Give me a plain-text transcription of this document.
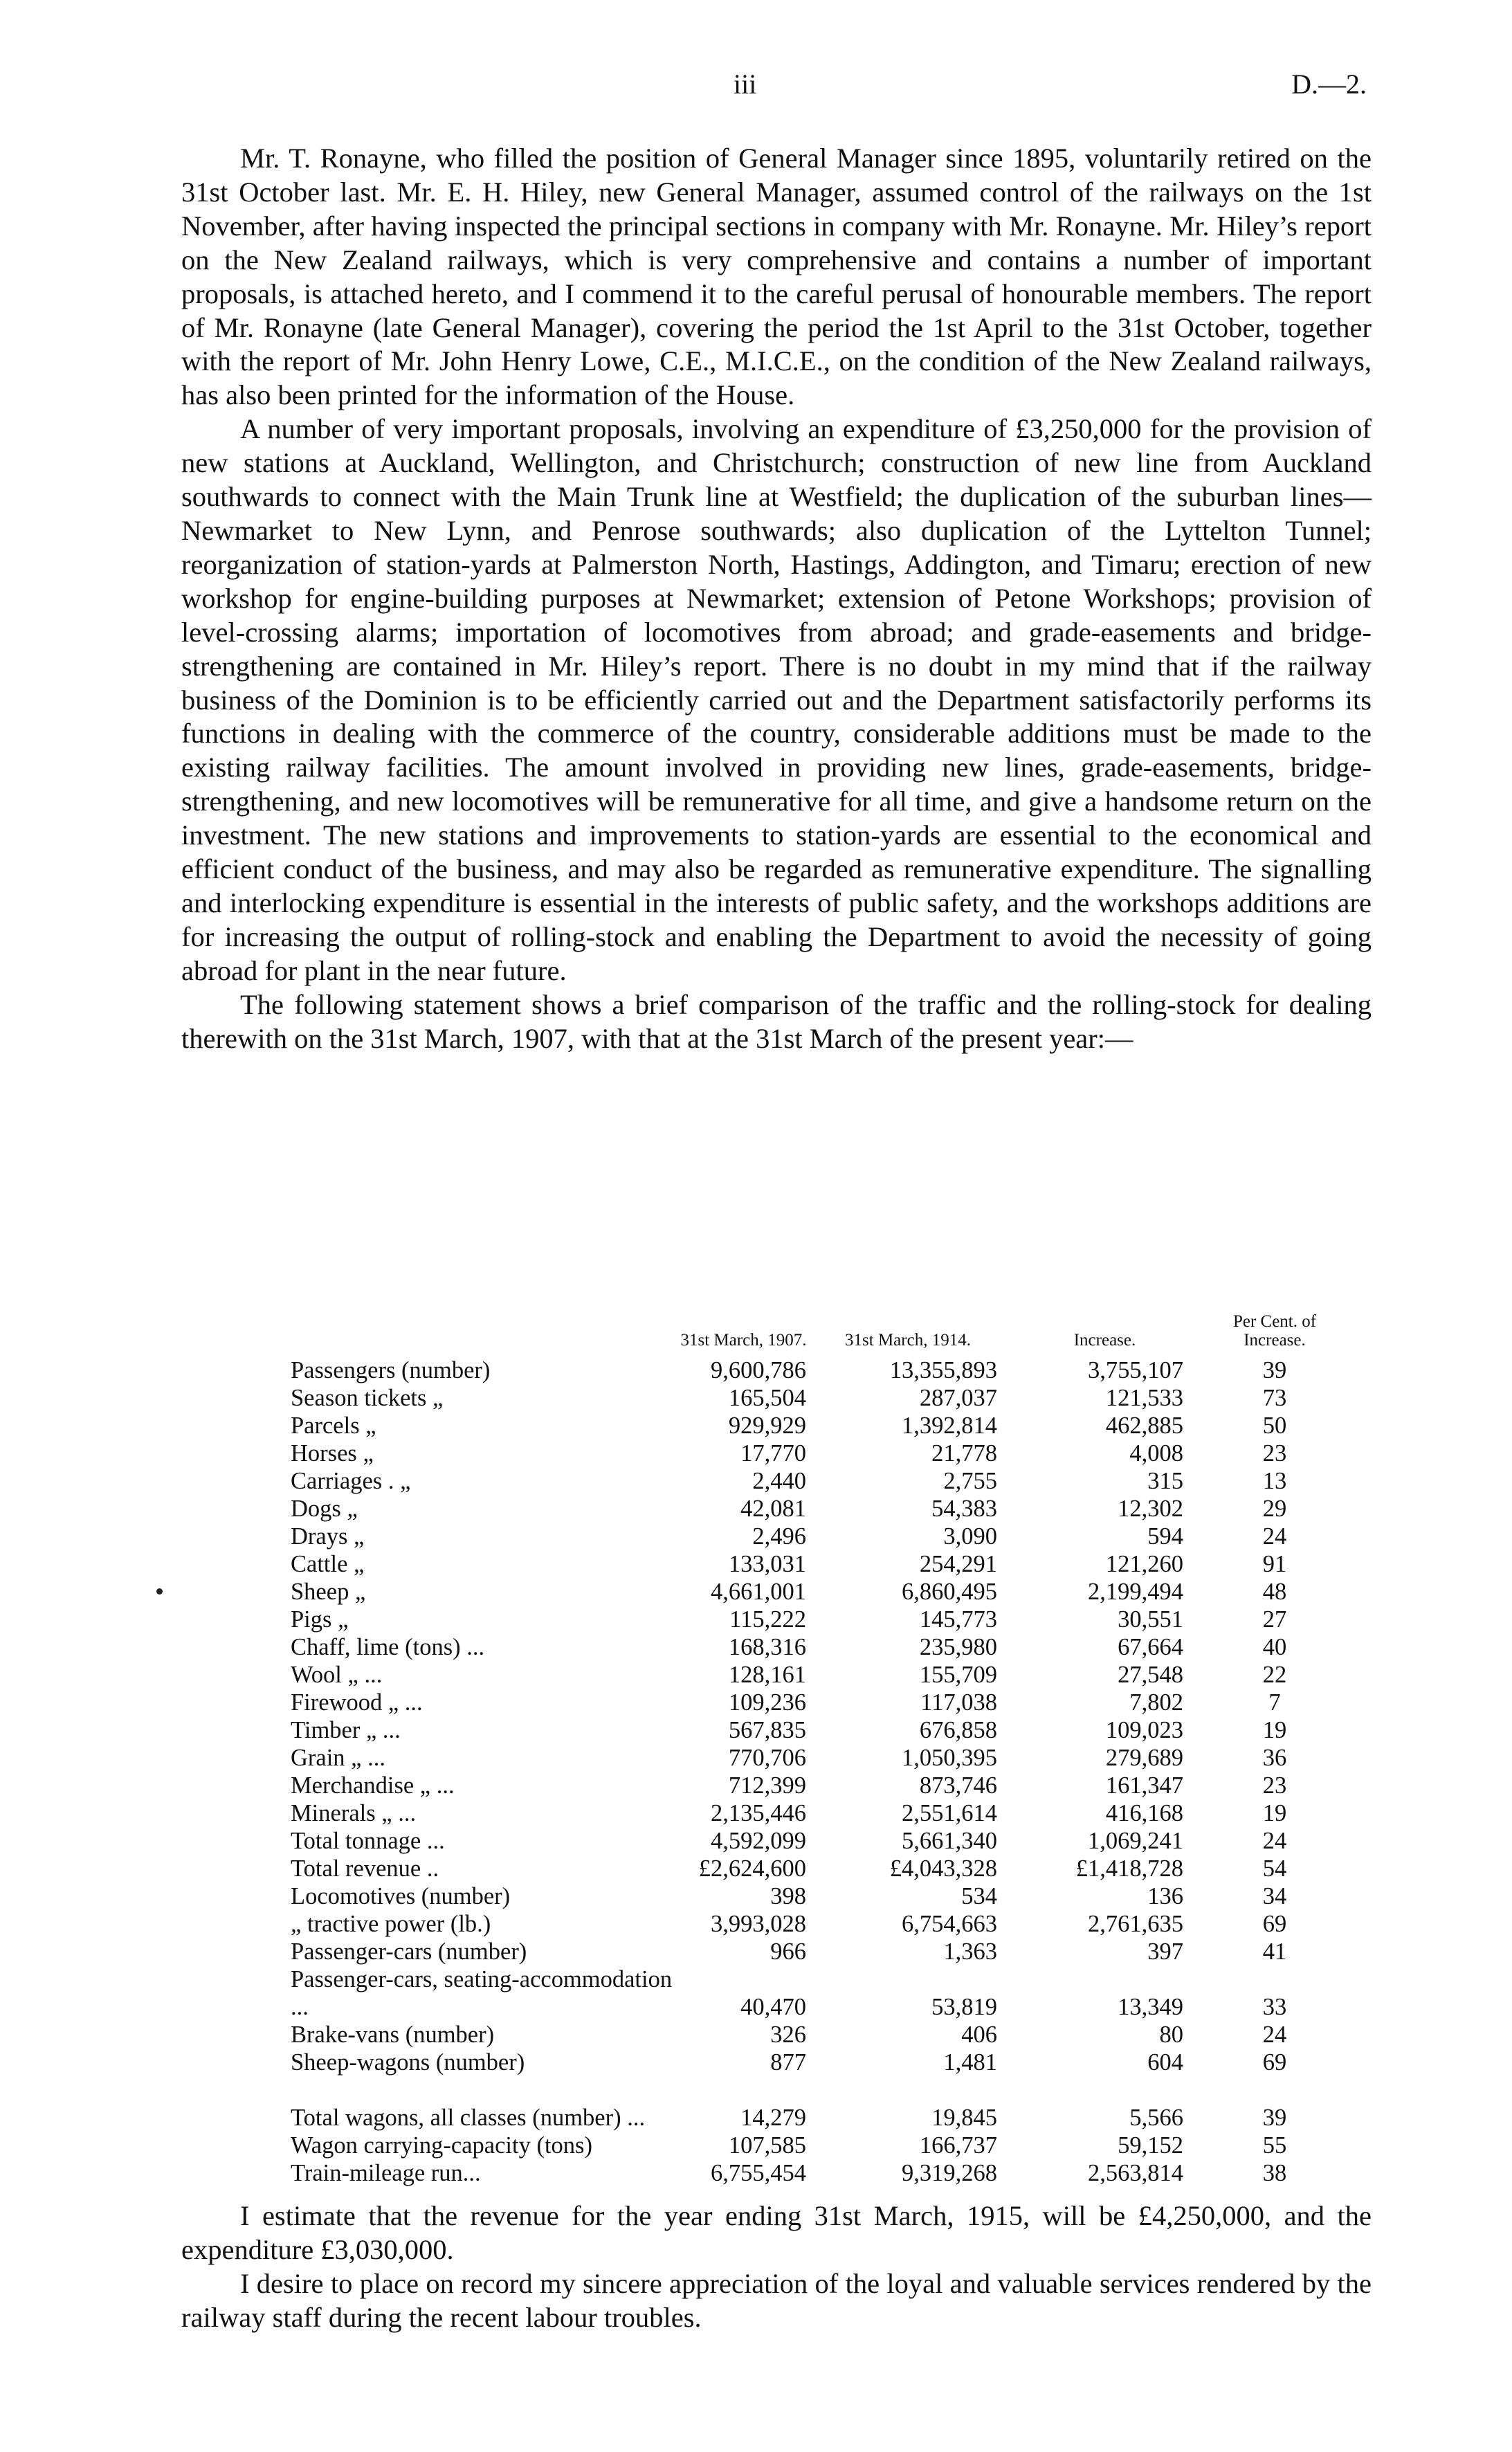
iii	D.—2.

Mr. T. Ronayne, who filled the position of General Manager since 1895, voluntarily retired on the 31st October last. Mr. E. H. Hiley, new General Manager, assumed control of the railways on the 1st November, after having inspected the principal sections in company with Mr. Ronayne. Mr. Hiley’s report on the New Zealand railways, which is very comprehensive and contains a number of important proposals, is attached hereto, and I commend it to the careful perusal of honourable members. The report of Mr. Ronayne (late General Manager), covering the period the 1st April to the 31st October, together with the report of Mr. John Henry Lowe, C.E., M.I.C.E., on the condition of the New Zealand railways, has also been printed for the information of the House.

A number of very important proposals, involving an expenditure of £3,250,000 for the provision of new stations at Auckland, Wellington, and Christchurch; construction of new line from Auckland southwards to connect with the Main Trunk line at Westfield; the duplication of the suburban lines—Newmarket to New Lynn, and Penrose southwards; also duplication of the Lyttelton Tunnel; reorganization of station-yards at Palmerston North, Hastings, Addington, and Timaru; erection of new workshop for engine-building purposes at Newmarket; extension of Petone Workshops; provision of level-crossing alarms; importation of locomotives from abroad; and grade-easements and bridge-strengthening are contained in Mr. Hiley’s report. There is no doubt in my mind that if the railway business of the Dominion is to be efficiently carried out and the Department satisfactorily performs its functions in dealing with the commerce of the country, considerable additions must be made to the existing railway facilities. The amount involved in providing new lines, grade-easements, bridge-strengthening, and new locomotives will be remunerative for all time, and give a handsome return on the investment. The new stations and improvements to station-yards are essential to the economical and efficient conduct of the business, and may also be regarded as remunerative expenditure. The signalling and interlocking expenditure is essential in the interests of public safety, and the workshops additions are for increasing the output of rolling-stock and enabling the Department to avoid the necessity of going abroad for plant in the near future.

The following statement shows a brief comparison of the traffic and the rolling-stock for dealing therewith on the 31st March, 1907, with that at the 31st March of the present year:—

	31st March, 1907.	31st March, 1914.	Increase.	Per Cent. of Increase.
Passengers (number)	9,600,786	13,355,893	3,755,107	39
Season tickets „	165,504	287,037	121,533	73
Parcels „	929,929	1,392,814	462,885	50
Horses „	17,770	21,778	4,008	23
Carriages . „	2,440	2,755	315	13
Dogs „	42,081	54,383	12,302	29
Drays „	2,496	3,090	594	24
Cattle „	133,031	254,291	121,260	91
Sheep „	4,661,001	6,860,495	2,199,494	48
Pigs „	115,222	145,773	30,551	27
Chaff, lime (tons) ...	168,316	235,980	67,664	40
Wool „ ...	128,161	155,709	27,548	22
Firewood „ ...	109,236	117,038	7,802	7
Timber „ ...	567,835	676,858	109,023	19
Grain „ ...	770,706	1,050,395	279,689	36
Merchandise „ ...	712,399	873,746	161,347	23
Minerals „ ...	2,135,446	2,551,614	416,168	19
Total tonnage ...	4,592,099	5,661,340	1,069,241	24
Total revenue ..	£2,624,600	£4,043,328	£1,418,728	54
Locomotives (number)	398	534	136	34
„ tractive power (lb.)	3,993,028	6,754,663	2,761,635	69
Passenger-cars (number)	966	1,363	397	41
Passenger-cars, seating-accommodation ...	40,470	53,819	13,349	33
Brake-vans (number)	326	406	80	24
Sheep-wagons (number)	877	1,481	604	69
Total wagons, all classes (number) ...	14,279	19,845	5,566	39
Wagon carrying-capacity (tons)	107,585	166,737	59,152	55
Train-mileage run...	6,755,454	9,319,268	2,563,814	38

I estimate that the revenue for the year ending 31st March, 1915, will be £4,250,000, and the expenditure £3,030,000.

I desire to place on record my sincere appreciation of the loyal and valuable services rendered by the railway staff during the recent labour troubles.
